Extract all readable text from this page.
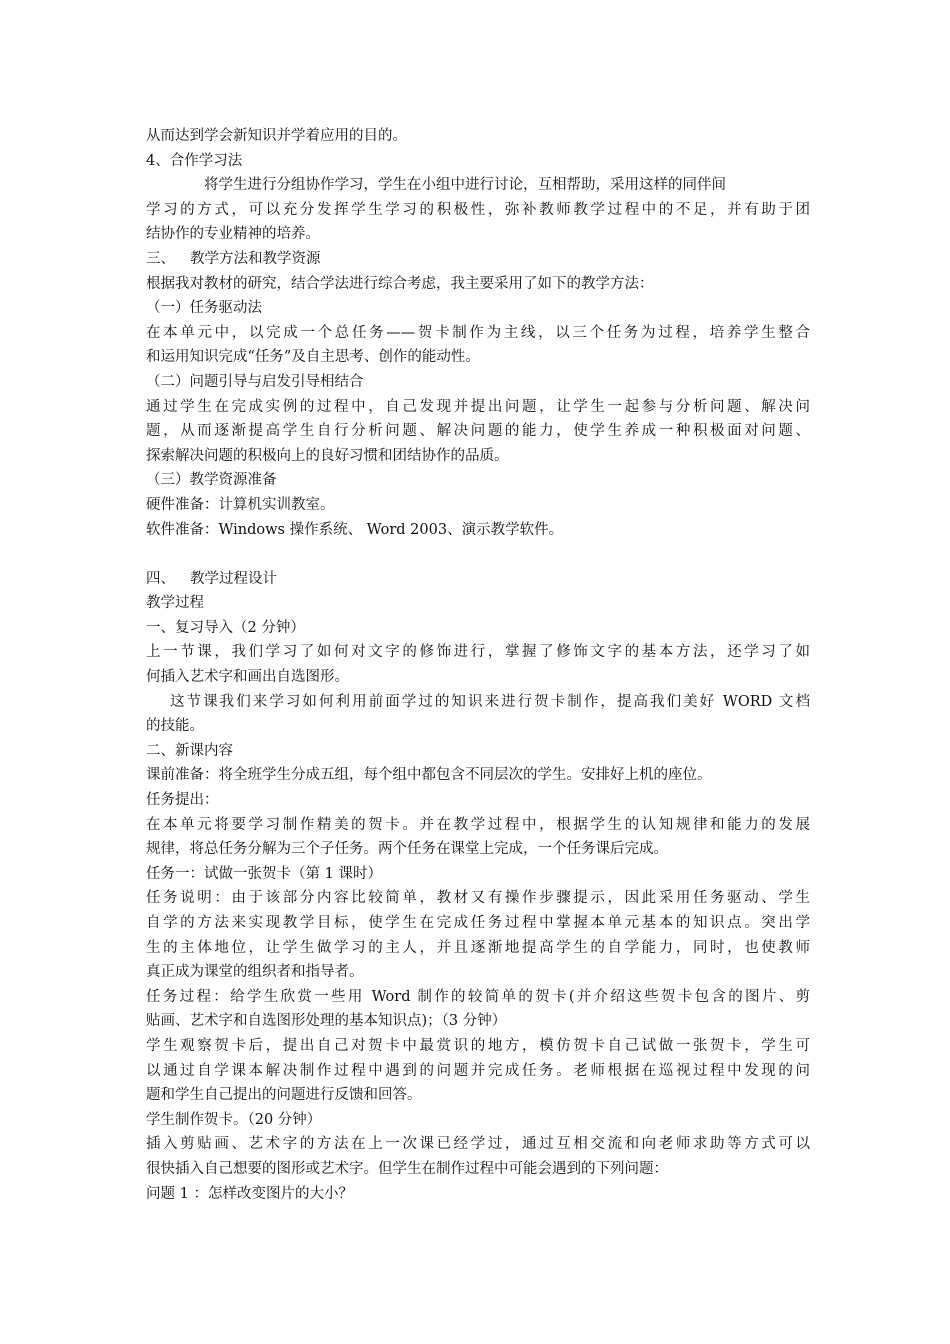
从而达到学会新知识并学着应用的目的。
4、合作学习法
将学生进行分组协作学习，学生在小组中进行讨论，互相帮助，采用这样的同伴间
学习的方式，可以充分发挥学生学习的积极性，弥补教师教学过程中的不足，并有助于团
结协作的专业精神的培养。
三、 教学方法和教学资源
根据我对教材的研究，结合学法进行综合考虑，我主要采用了如下的教学方法：
（一）任务驱动法
在本单元中，以完成一个总任务——贺卡制作为主线，以三个任务为过程，培养学生整合
和运用知识完成“任务”及自主思考、创作的能动性。
（二）问题引导与启发引导相结合
通过学生在完成实例的过程中，自己发现并提出问题，让学生一起参与分析问题、解决问
题，从而逐渐提高学生自行分析问题、解决问题的能力，使学生养成一种积极面对问题、
探索解决问题的积极向上的良好习惯和团结协作的品质。
（三）教学资源准备
硬件准备：计算机实训教室。
软件准备：Windows 操作系统、 Word 2003、演示教学软件。
四、 教学过程设计
教学过程
一、复习导入（2 分钟）
上一节课，我们学习了如何对文字的修饰进行，掌握了修饰文字的基本方法，还学习了如
何插入艺术字和画出自选图形。
这节课我们来学习如何利用前面学过的知识来进行贺卡制作，提高我们美好 WORD 文档
的技能。
二、新课内容
课前准备：将全班学生分成五组，每个组中都包含不同层次的学生。安排好上机的座位。
任务提出：
在本单元将要学习制作精美的贺卡。并在教学过程中，根据学生的认知规律和能力的发展
规律，将总任务分解为三个子任务。两个任务在课堂上完成，一个任务课后完成。
任务一：试做一张贺卡（第 1 课时）
任务说明：由于该部分内容比较简单，教材又有操作步骤提示，因此采用任务驱动、学生
自学的方法来实现教学目标，使学生在完成任务过程中掌握本单元基本的知识点。突出学
生的主体地位，让学生做学习的主人，并且逐渐地提高学生的自学能力，同时，也使教师
真正成为课堂的组织者和指导者。
任务过程：给学生欣赏一些用 Word 制作的较简单的贺卡(并介绍这些贺卡包含的图片、剪
贴画、艺术字和自选图形处理的基本知识点)；（3 分钟）
学生观察贺卡后，提出自己对贺卡中最赏识的地方，模仿贺卡自己试做一张贺卡，学生可
以通过自学课本解决制作过程中遇到的问题并完成任务。老师根据在巡视过程中发现的问
题和学生自己提出的问题进行反馈和回答。
学生制作贺卡。（20 分钟）
插入剪贴画、艺术字的方法在上一次课已经学过，通过互相交流和向老师求助等方式可以
很快插入自己想要的图形或艺术字。但学生在制作过程中可能会遇到的下列问题：
问题 1 ：怎样改变图片的大小？
